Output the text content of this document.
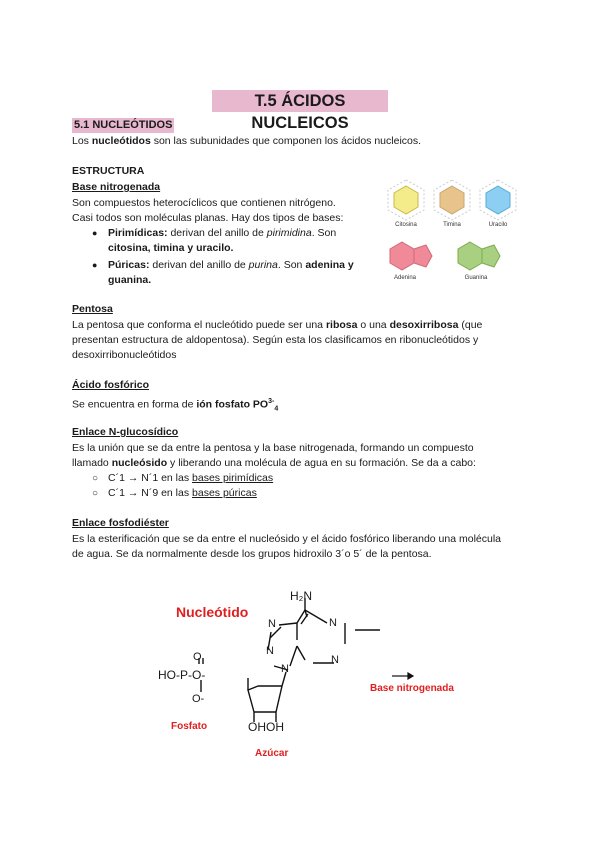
T.5 ÁCIDOS NUCLEICOS
5.1 NUCLEÓTIDOS
Los nucleótidos son las subunidades que componen los ácidos nucleicos.
ESTRUCTURA
Base nitrogenada
Son compuestos heterocíclicos que contienen nitrógeno.
Casi todos son moléculas planas. Hay dos tipos de bases:
● Pirimídicas: derivan del anillo de pirimidina. Son
citosina, timina y uracilo.
● Púricas: derivan del anillo de purina. Son adenina y
guanina.
Citosina	Timina	Uracilo
Adenina	Guanina
Pentosa
La pentosa que conforma el nucleótido puede ser una ribosa o una desoxirribosa (que
presentan estructura de aldopentosa). Según esta los clasificamos en ribonucleótidos y
desoxirribonucleótidos
Ácido fosfórico
Se encuentra en forma de ión fosfato $PO^{3-}_4$
Enlace N-glucosídico
Es la unión que se da entre la pentosa y la base nitrogenada, formando un compuesto
llamado nucleósido y liberando una molécula de agua en su formación. Se da a cabo:
○ C´1 → N´1 en las bases pirimídicas
○ C´1 → N´9 en las bases púricas
Enlace fosfodiéster
Es la esterificación que se da entre el nucleósido y el ácido fosfórico liberando una molécula
de agua. Se da normalmente desde los grupos hidroxilo 3´o 5´ de la pentosa.
Nucleótido
H₂N
N
N
N
N
N
O
HO-P-O-
O-
OHOH
Base nitrogenada
Fosfato
Azúcar
